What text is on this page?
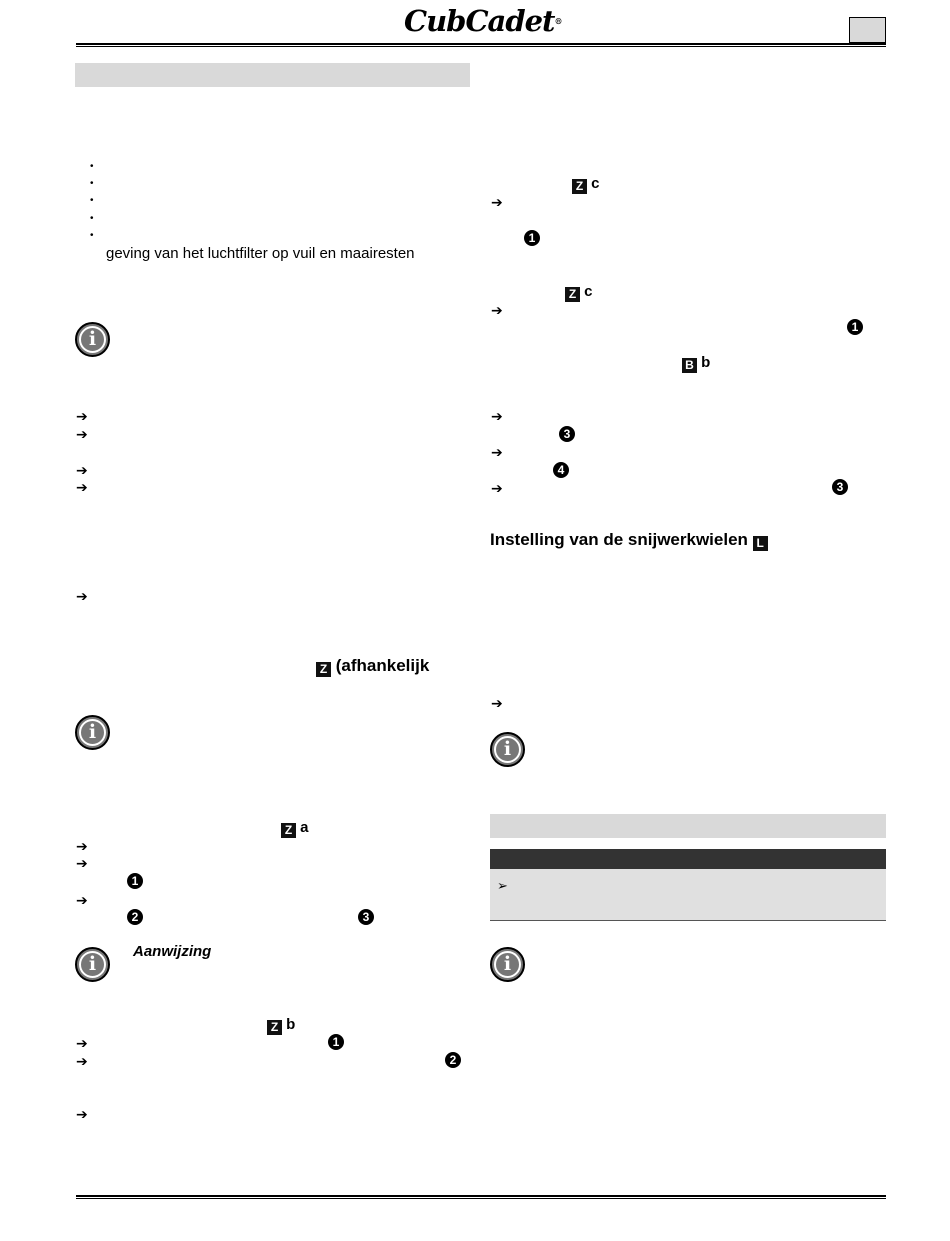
CubCadet®
•
•
•
•
•
geving van het luchtfilter op vuil en maairesten
i
➔
➔
➔
➔
➔
Z (afhankelijk
i
Z a
➔
➔
1
➔
2	3
i
Aanwijzing
Z b
➔	1
➔	2
➔
Z c
➔
1
Z c
➔
1
B b
➔
3
➔
4
➔	3
Instelling van de snijwerkwielen L
➔
i
➢
i
